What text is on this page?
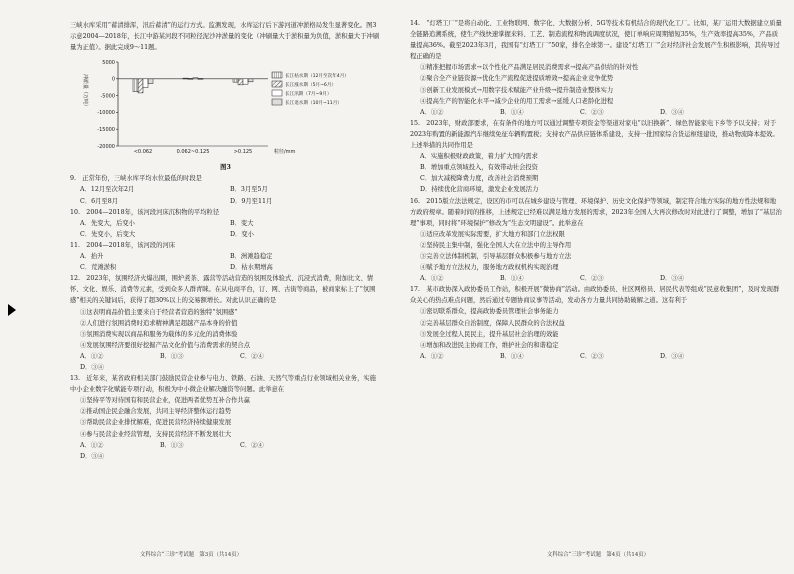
三峡水库采用“蓄清排浑，汛后蓄清”的运行方式。监测发现，水库运行后下游河道冲淤格局发生显著变化。图3示意2004—2018年，长江中游某河段不同粒径泥沙冲淤量的变化（冲刷量大于淤积量为负值，淤积量大于冲刷量为正值）。据此完成9～11题。

5000
0
-5000
-10000
-15000
-20000
冲淤量（万吨）
<0.062	0.062~0.125	>0.125	粒径/mm
长江枯水期（12月至次年4月）
长江涨水期（5月~6月）
长江汛期（7月~9月）
长江退水期（10月~11月）
图3

9.　正常年份，三峡水库平均水位最低的时段是

A．12月至次年2月	B．3月至5月C．6月至8月	D．9月至11月

10.　2004—2018年，该河段河床沉积物的平均粒径

A．先变大，后变小	B．变大C．先变小，后变大	D．变小

11.　2004—2018年，该河段的河床

A．抬升	B．洲滩趋稳定C．荒滩淤积	D．枯水期增高

12.　2023年，氛围经济火爆出圈，围炉煮茶、露营等活动营造的氛围及体验式、沉浸式消费，附加比文、情怀、文化、娱乐、消费等元素，受到众多人群青睐。在从电商平台，订、网、古街等商品，被商家标上了“氛围感”相关的关键词后，获得了超30%以上的交易额增长。对此认识正确的是

①这表明商品价值主要来自于经营者营造的独特“氛围感”
②人们进行氛围消费时追求精神满足超越产品本身的价值
③氛围消费实现以商品和服务为载体的多元化的消费体验
④发展氛围经济要很好挖掘产品文化价值与消费需求的契合点
A．①②	B．①③	C．②④D．③④

13.　近年来，某省政府相关部门鼓励民营企业参与电力、铁路、石油、天然气等重点行业领域相关业务，实施中小企业数字化赋能专项行动，积极为中小微企业解决融资等问题。此举意在

①坚持平等对待国有和民营企业，促进两者优势互补合作共赢
②推动国企民企融合发展，共同主导经济整体运行趋势
③帮助民营企业排忧解难，促进民营经济持续健康发展
④参与民营企业经营管理，支持民营经济不断发展壮大
A．①②	B．①③	C．②④D．③④
文科综合“三诊”考试题　第3页（共14页）

14.　“灯塔工厂”是将自动化、工业物联网、数字化、大数据分析、5G等技术有机结合的现代化工厂。比如，某厂运用大数据建立质量全链路追溯系统，使生产线快速掌握来料、工艺、制造流程和物流调度状况，使订单响应周期缩短35%，生产效率提高35%，产品质量提高36%。截至2023年3月，我国有“灯塔工厂”50家，排名全球第一。建设“灯塔工厂”会对经济社会发展产生积极影响，其传导过程正确的是

①精准把握市场需求→以个性化产品满足居民消费需求→提高产品供给的针对性
②聚合全产业链资源→优化生产流程促进提质增效→提高企业竞争优势
③创新工业发展模式→用数字技术赋能产业升级→提升制造业整体实力
④提高生产的智能化水平→减少企业的用工需求→延缓人口老龄化进程
A．①②	B．①④	C．②③	D．③④

15.　2023年，财政部要求，在有条件的地方可以通过调整专项资金等渠道对家电“以旧换新”、绿色智能家电下乡等予以支持；对于2023年购置的新能源汽车继续免征车辆购置税；支持农产品供应链体系建设，支持一批国家综合货运枢纽建设，推动物流降本提效。上述举措的共同作用是

A．实施积极财政政策，着力扩大国内需求
B．增加重点领域投入，有效带动社会投资
C．加大减税降费力度，改善社会消费预期
D．持续优化营商环境，激发企业发展活力

16.　2015版立法法规定，设区的市可以在城乡建设与管理、环境保护、历史文化保护等领域，制定符合地方实际的地方性法规和地方政府规章。随着时间的推移，上述规定已经难以满足地方发展的需求，2023年全国人大再次修改时对此进行了调整，增加了“基层治理”事项，同时将“环境保护”修改为“生态文明建设”。此举意在

①适应改革发展实际需要，扩大地方和部门立法权限
②坚持民主集中制，强化全国人大在立法中的主导作用
③完善立法体制机制，引导基层群众积极参与地方立法
④赋予地方立法权力，服务地方政权机构实现治理
A．①②	B．①④	C．②③	D．③④

17.　某市政协深入政协委员工作站，积极开展“微协商”活动。由政协委员、社区网格员、居民代表等组成“民意收集团”，及时发现群众关心的热点难点问题，然后通过专题协商议事等活动，发动各方力量共同协助破解之道。这有利于

①密切联系群众，提高政协委员管理社会事务能力
②完善基层群众自治制度，保障人民群众的合法权益
③发展全过程人民民主，提升基层社会治理的效能
④增加和改进民主协商工作，维护社会的和谐稳定
A．①②	B．①④	C．②③	D．③④
文科综合“三诊”考试题　第4页（共14页）
